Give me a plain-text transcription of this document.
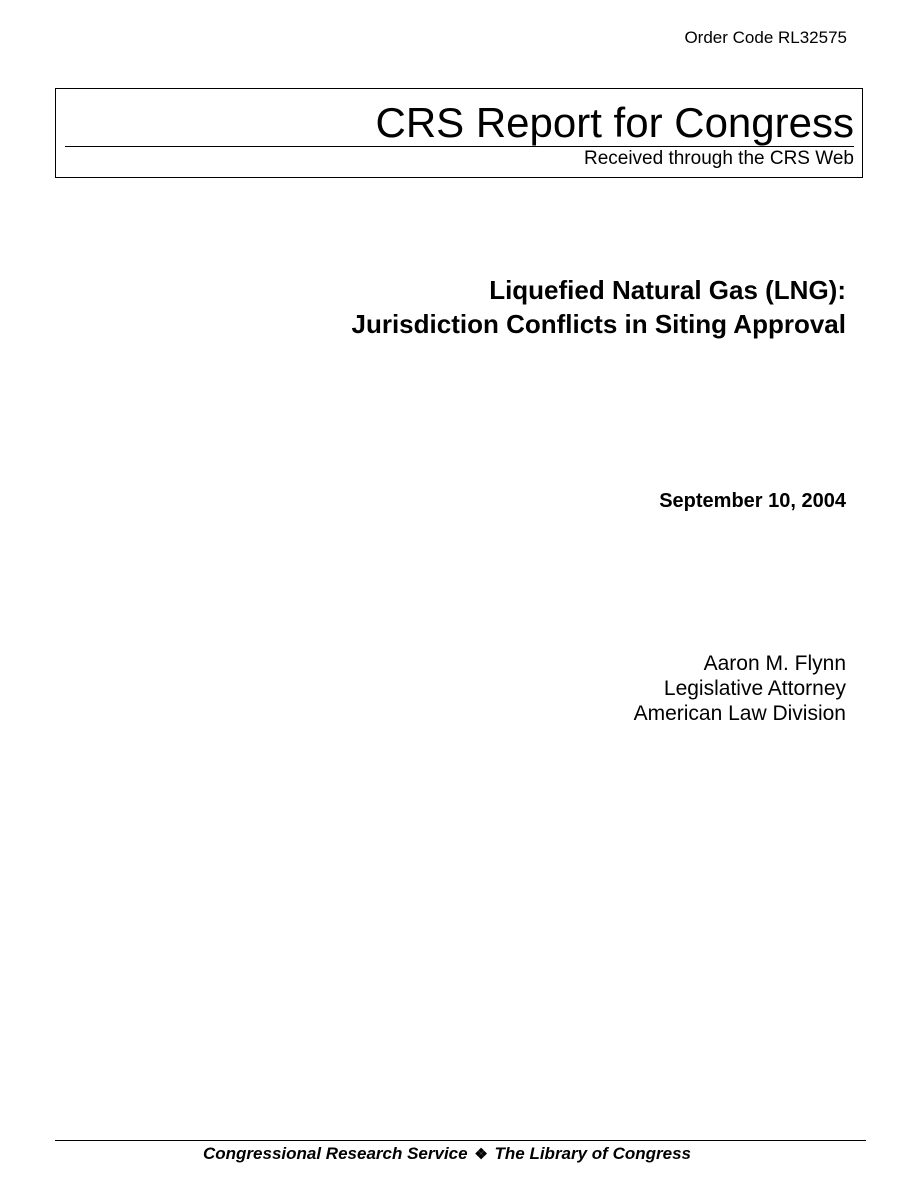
Order Code RL32575
CRS Report for Congress
Received through the CRS Web
Liquefied Natural Gas (LNG):
Jurisdiction Conflicts in Siting Approval
September 10, 2004
Aaron M. Flynn
Legislative Attorney
American Law Division
Congressional Research Service ❖ The Library of Congress
